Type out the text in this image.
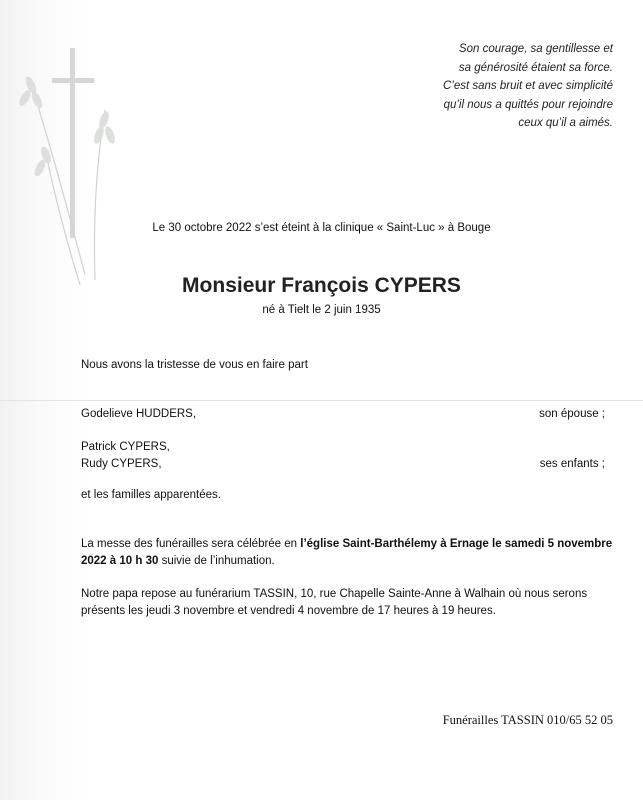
Son courage, sa gentillesse et
sa générosité étaient sa force.
C’est sans bruit et avec simplicité
qu’il nous a quittés pour rejoindre
ceux qu’il a aimés.
Le 30 octobre 2022 s’est éteint à la clinique « Saint-Luc » à Bouge
Monsieur François CYPERS
né à Tielt le 2 juin 1935
Nous avons la tristesse de vous en faire part
Godelieve HUDDERS,	son épouse ;
Patrick CYPERS,
Rudy CYPERS,	ses enfants ;
et les familles apparentées.
La messe des funérailles sera célébrée en l’église Saint-Barthélemy à Ernage le samedi 5 novembre
2022 à 10 h 30 suivie de l’inhumation.
Notre papa repose au funérarium TASSIN, 10, rue Chapelle Sainte-Anne à Walhain où nous serons
présents les jeudi 3 novembre et vendredi 4 novembre de 17 heures à 19 heures.
Funérailles TASSIN 010/65 52 05
